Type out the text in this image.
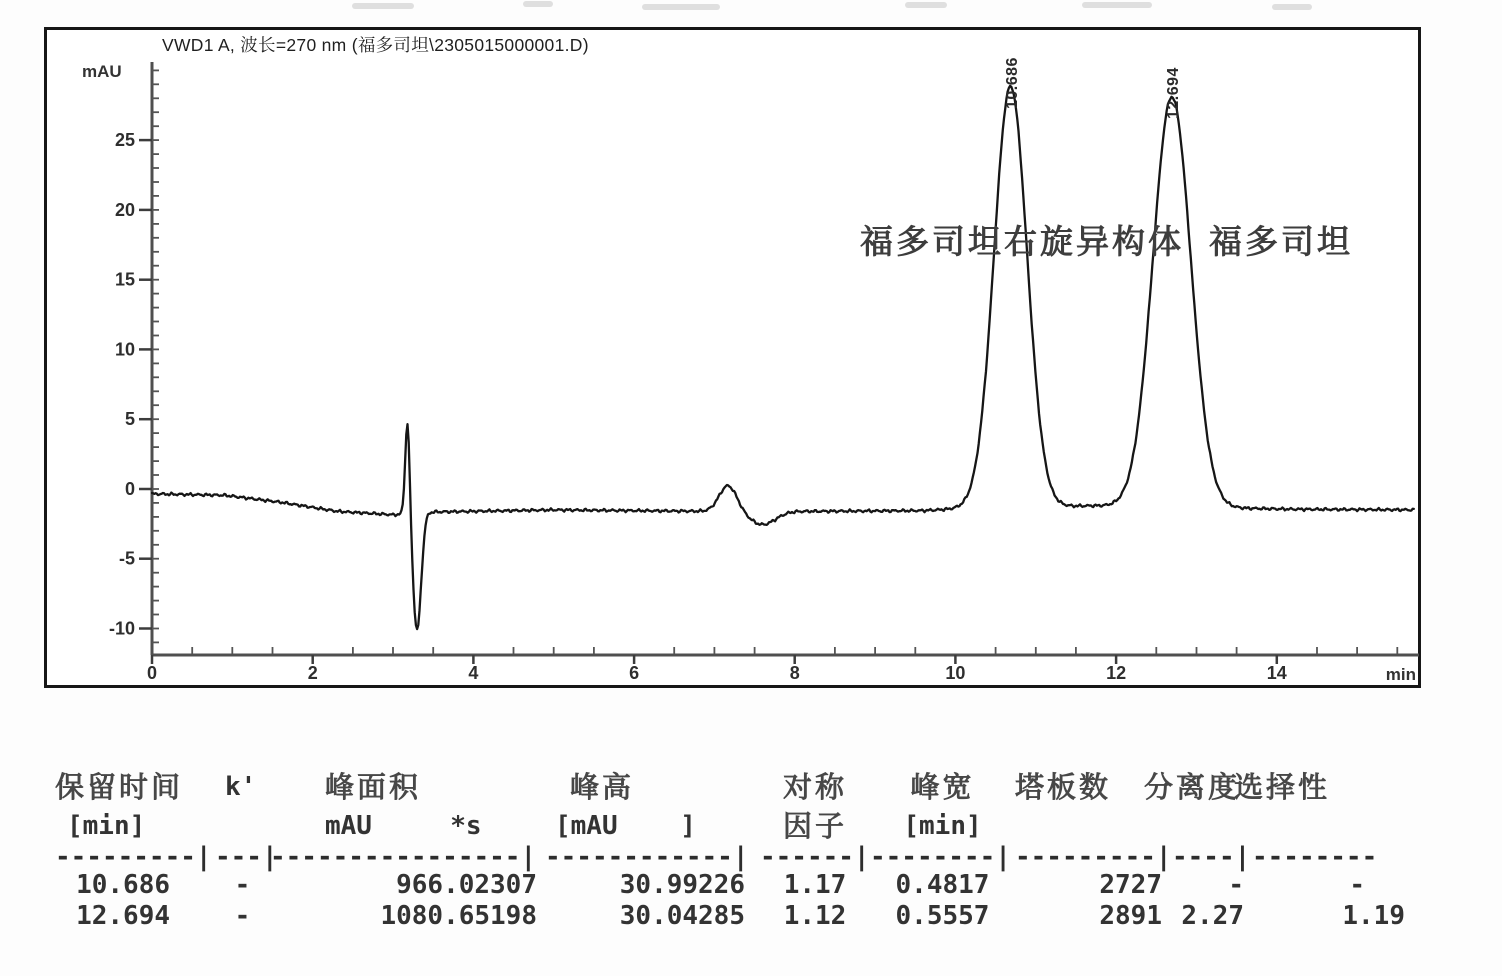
VWD1 A, 波长=270 nm (福多司坦\2305015000001.D)
mAU
min
-10
-5
0
5
10
15
20
25
0	2	4	6	8	10	12	14
10.686	12.694
福多司坦右旋异构体 福多司坦
保留时间	k'	峰面积	峰高	对称	峰宽	塔板数	分离度
选择性
[min]	mAU     *s	[mAU    ]	因子	[min]
---------| ---|
----------------| ------------| ------| --------| ---------| ----| --------
10.686	-	966.02307	30.99226	1.17	0.4817	2727	-	-
12.694	-	1080.65198	30.04285	1.12	0.5557	2891 2.27	1.19
